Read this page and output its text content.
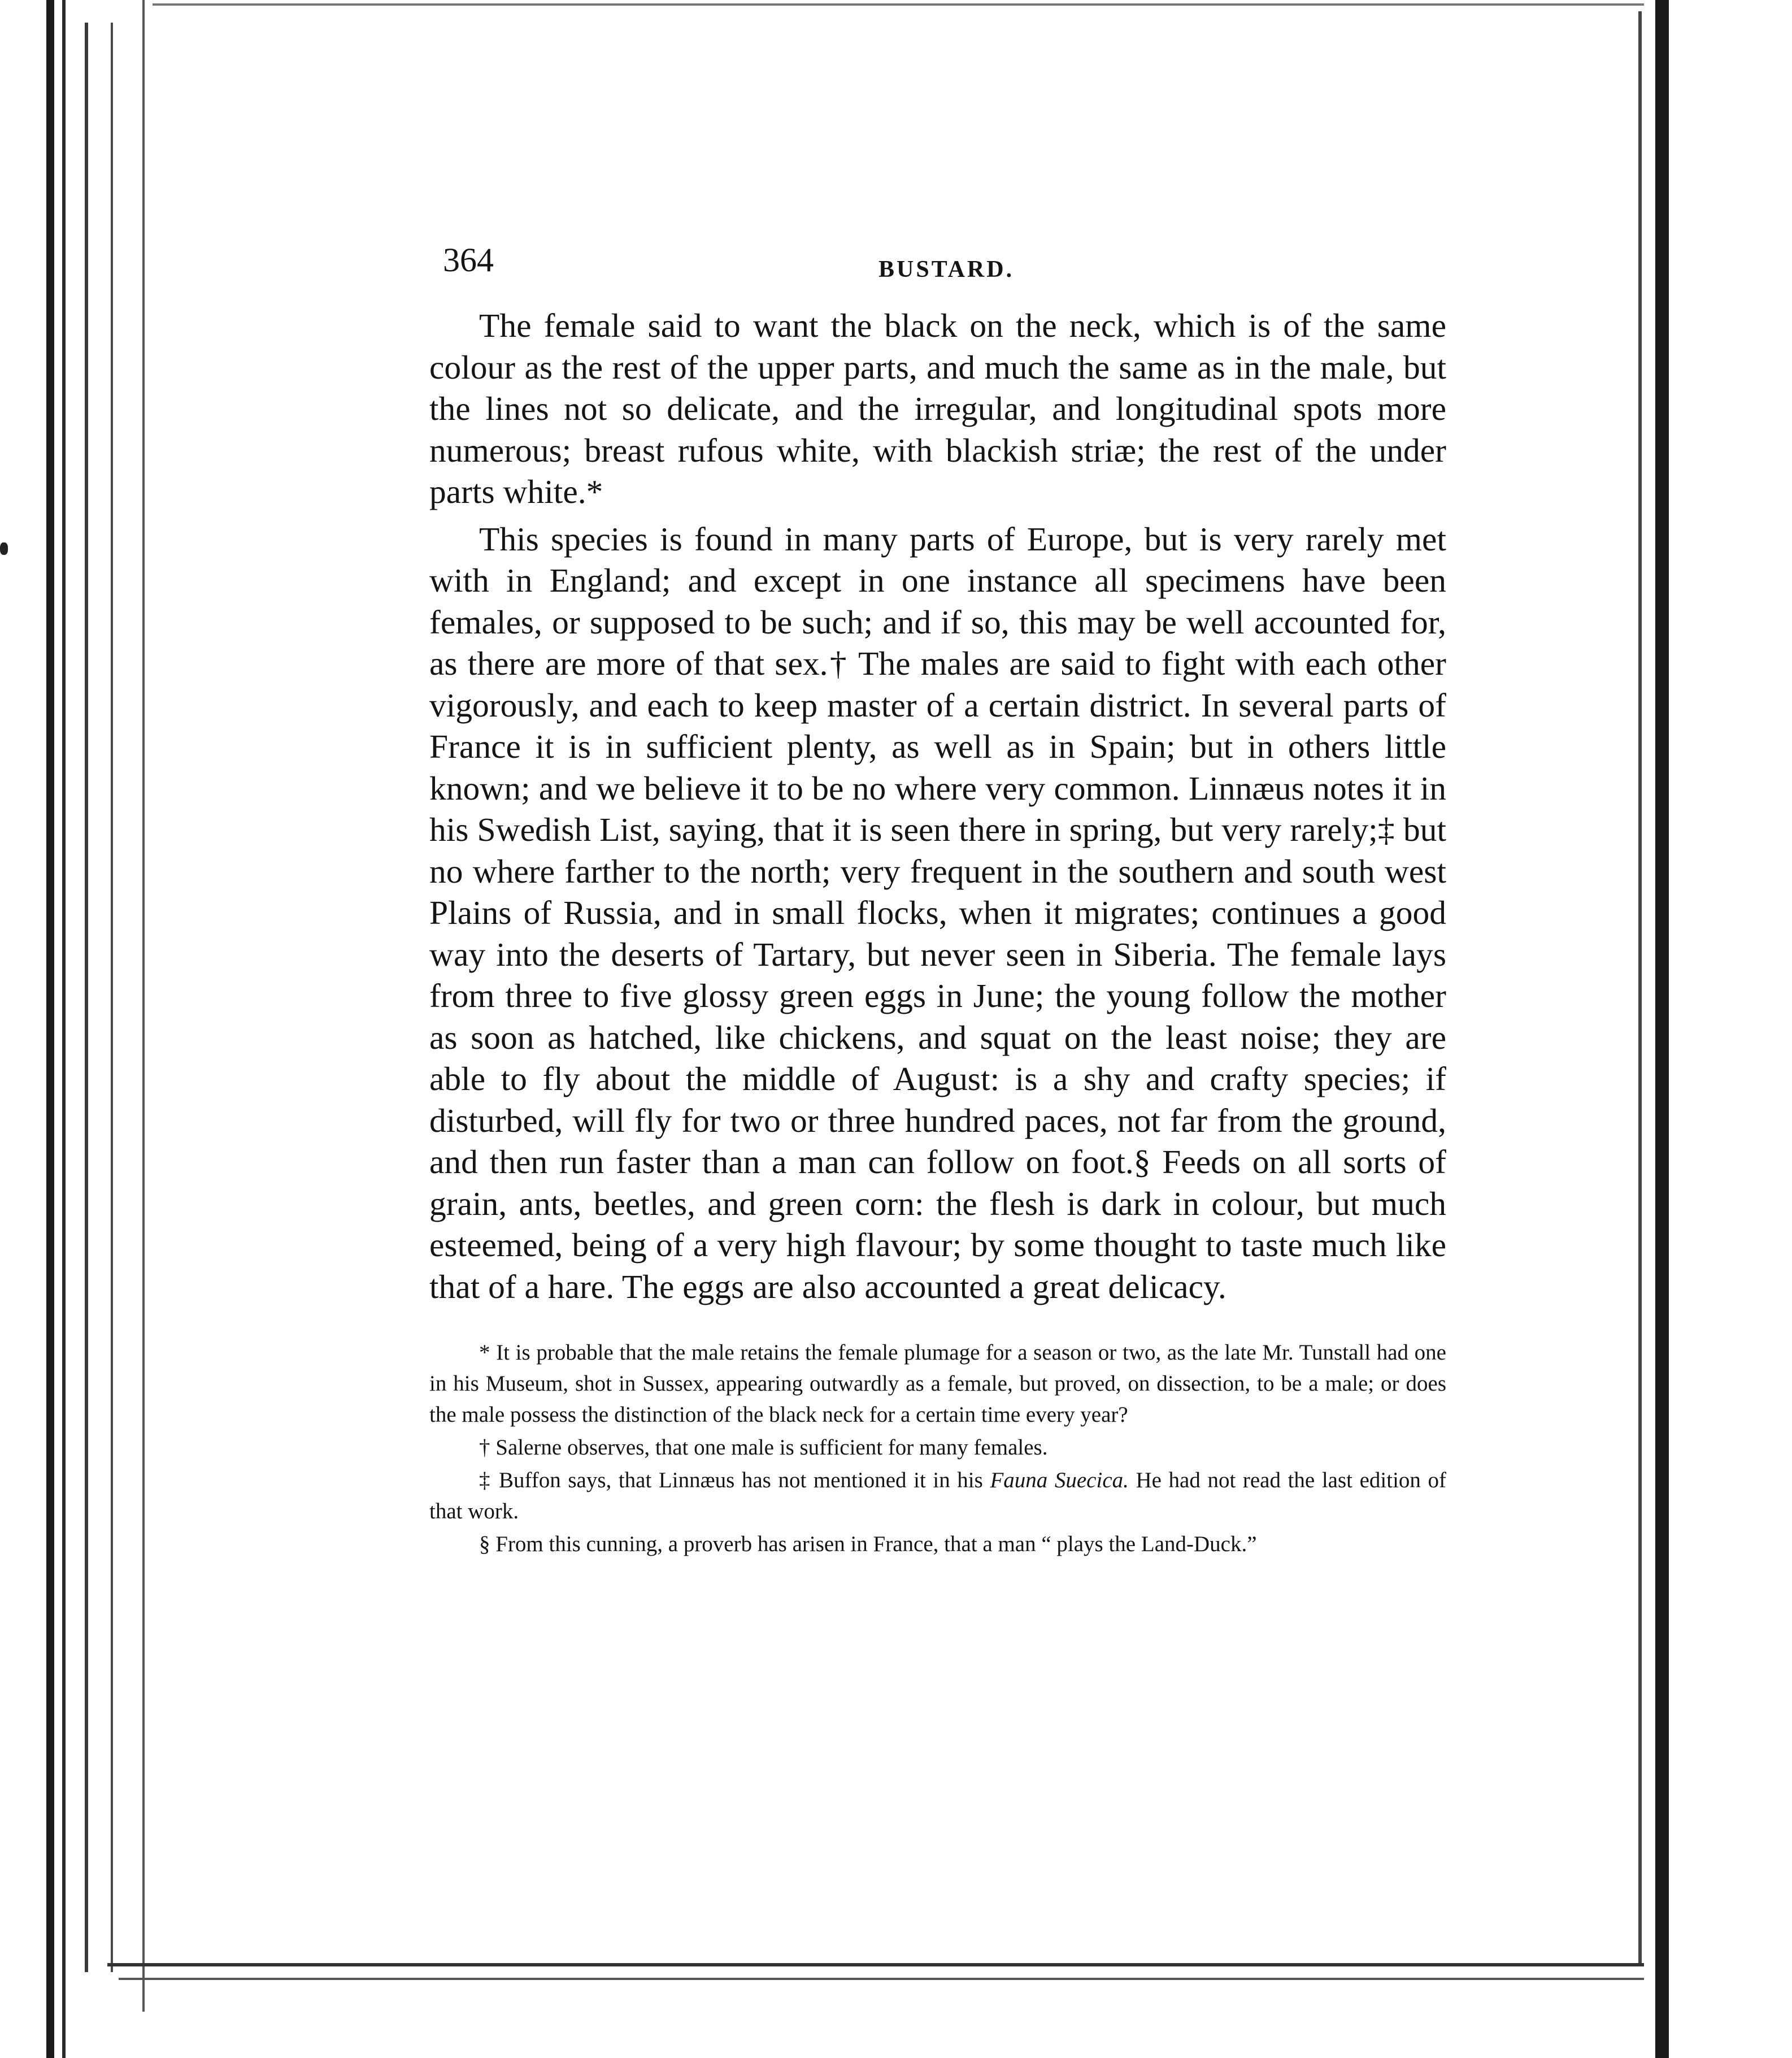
364	BUSTARD.

The female said to want the black on the neck, which is of the same colour as the rest of the upper parts, and much the same as in the male, but the lines not so delicate, and the irregular, and longitudinal spots more numerous; breast rufous white, with blackish striæ; the rest of the under parts white.*

This species is found in many parts of Europe, but is very rarely met with in England; and except in one instance all specimens have been females, or supposed to be such; and if so, this may be well accounted for, as there are more of that sex.† The males are said to fight with each other vigorously, and each to keep master of a certain district. In several parts of France it is in sufficient plenty, as well as in Spain; but in others little known; and we believe it to be no where very common. Linnæus notes it in his Swedish List, saying, that it is seen there in spring, but very rarely;‡ but no where farther to the north; very frequent in the southern and south west Plains of Russia, and in small flocks, when it migrates; continues a good way into the deserts of Tartary, but never seen in Siberia. The female lays from three to five glossy green eggs in June; the young follow the mother as soon as hatched, like chickens, and squat on the least noise; they are able to fly about the middle of August: is a shy and crafty species; if disturbed, will fly for two or three hundred paces, not far from the ground, and then run faster than a man can follow on foot.§ Feeds on all sorts of grain, ants, beetles, and green corn: the flesh is dark in colour, but much esteemed, being of a very high flavour; by some thought to taste much like that of a hare. The eggs are also accounted a great delicacy.

* It is probable that the male retains the female plumage for a season or two, as the late Mr. Tunstall had one in his Museum, shot in Sussex, appearing outwardly as a female, but proved, on dissection, to be a male; or does the male possess the distinction of the black neck for a certain time every year?

† Salerne observes, that one male is sufficient for many females.

‡ Buffon says, that Linnæus has not mentioned it in his Fauna Suecica. He had not read the last edition of that work.

§ From this cunning, a proverb has arisen in France, that a man “ plays the Land-Duck.”
